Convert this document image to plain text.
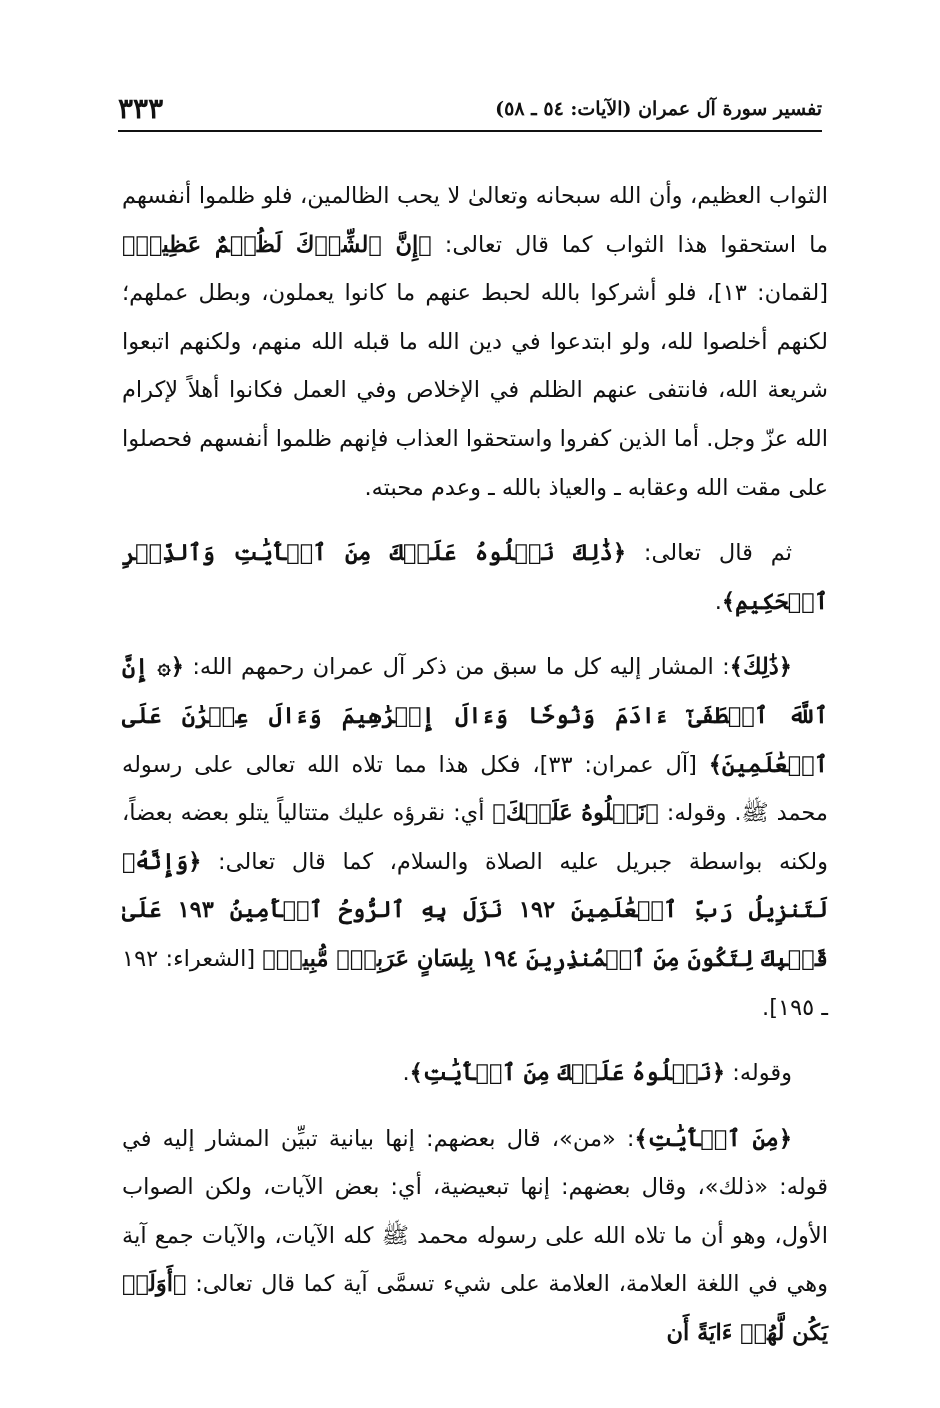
تفسير سورة آل عمران (الآيات: ٥٤ ـ ٥٨)
٣٣٣

الثواب العظيم، وأن الله سبحانه وتعالىٰ لا يحب الظالمين، فلو ظلموا أنفسهم ما استحقوا هذا الثواب كما قال تعالى: ﴿إِنَّ ٱلشِّرۡكَ لَظُلۡمٌ عَظِيمٞ﴾ [لقمان: ١٣]، فلو أشركوا بالله لحبط عنهم ما كانوا يعملون، وبطل عملهم؛ لكنهم أخلصوا لله، ولو ابتدعوا في دين الله ما قبله الله منهم، ولكنهم اتبعوا شريعة الله، فانتفى عنهم الظلم في الإخلاص وفي العمل فكانوا أهلاً لإكرام الله عزّ وجل. أما الذين كفروا واستحقوا العذاب فإنهم ظلموا أنفسهم فحصلوا على مقت الله وعقابه ـ والعياذ بالله ـ وعدم محبته.

ثم قال تعالى: ﴿ذَٰلِكَ نَتۡلُوهُ عَلَيۡكَ مِنَ ٱلۡأٓيَٰتِ وَٱلذِّكۡرِ ٱلۡحَكِيمِ﴾.

﴿ذَٰلِكَ﴾: المشار إليه كل ما سبق من ذكر آل عمران رحمهم الله: ﴿۞ إِنَّ ٱللَّهَ ٱصۡطَفَىٰٓ ءَادَمَ وَنُوحٗا وَءَالَ إِبۡرَٰهِيمَ وَءَالَ عِمۡرَٰنَ عَلَى ٱلۡعَٰلَمِينَ﴾ [آل عمران: ٣٣]، فكل هذا مما تلاه الله تعالى على رسوله محمد ﷺ. وقوله: ﴿نَتۡلُوهُ عَلَيۡكَ﴾ أي: نقرؤه عليك متتالياً يتلو بعضه بعضاً، ولكنه بواسطة جبريل عليه الصلاة والسلام، كما قال تعالى: ﴿وَإِنَّهُۥ لَتَنزِيلُ رَبِّ ٱلۡعَٰلَمِينَ ١٩٢ نَزَلَ بِهِ ٱلرُّوحُ ٱلۡأَمِينُ ١٩٣ عَلَىٰ قَلۡبِكَ لِتَكُونَ مِنَ ٱلۡمُنذِرِينَ ١٩٤ بِلِسَانٍ عَرَبِيّٖ مُّبِينٖ﴾ [الشعراء: ١٩٢ ـ ١٩٥].

وقوله: ﴿نَتۡلُوهُ عَلَيۡكَ مِنَ ٱلۡأٓيَٰتِ﴾.

﴿مِنَ ٱلۡأٓيَٰتِ﴾: «من»، قال بعضهم: إنها بيانية تبيِّن المشار إليه في قوله: «ذلك»، وقال بعضهم: إنها تبعيضية، أي: بعض الآيات، ولكن الصواب الأول، وهو أن ما تلاه الله على رسوله محمد ﷺ كله الآيات، والآيات جمع آية وهي في اللغة العلامة، العلامة على شيء تسمَّى آية كما قال تعالى: ﴿أَوَلَمۡ يَكُن لَّهُمۡ ءَايَةً أَن
